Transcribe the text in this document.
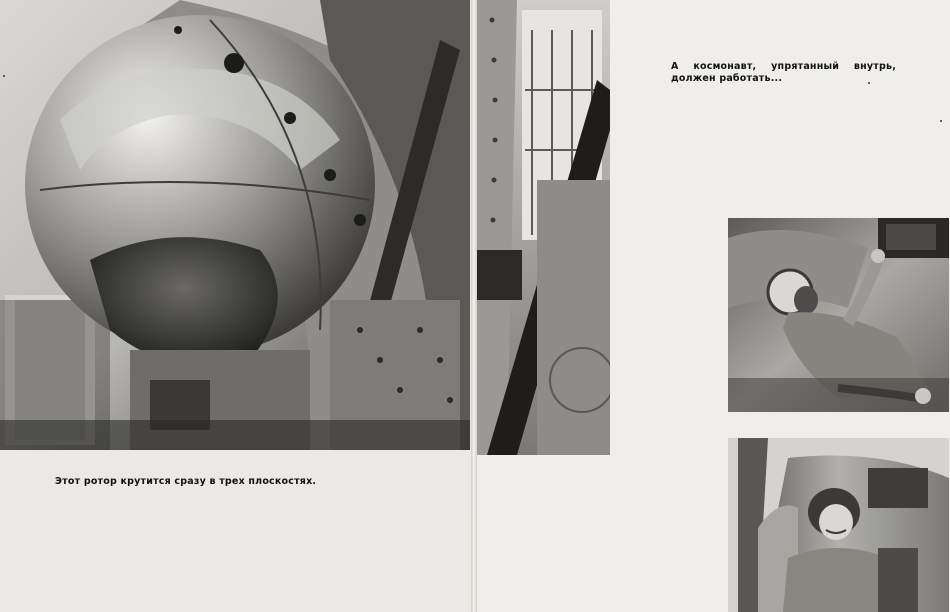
А космонавт, упрятанный внутрь,
должен работать...
Этот ротор крутится сразу в трех плоскостях.
